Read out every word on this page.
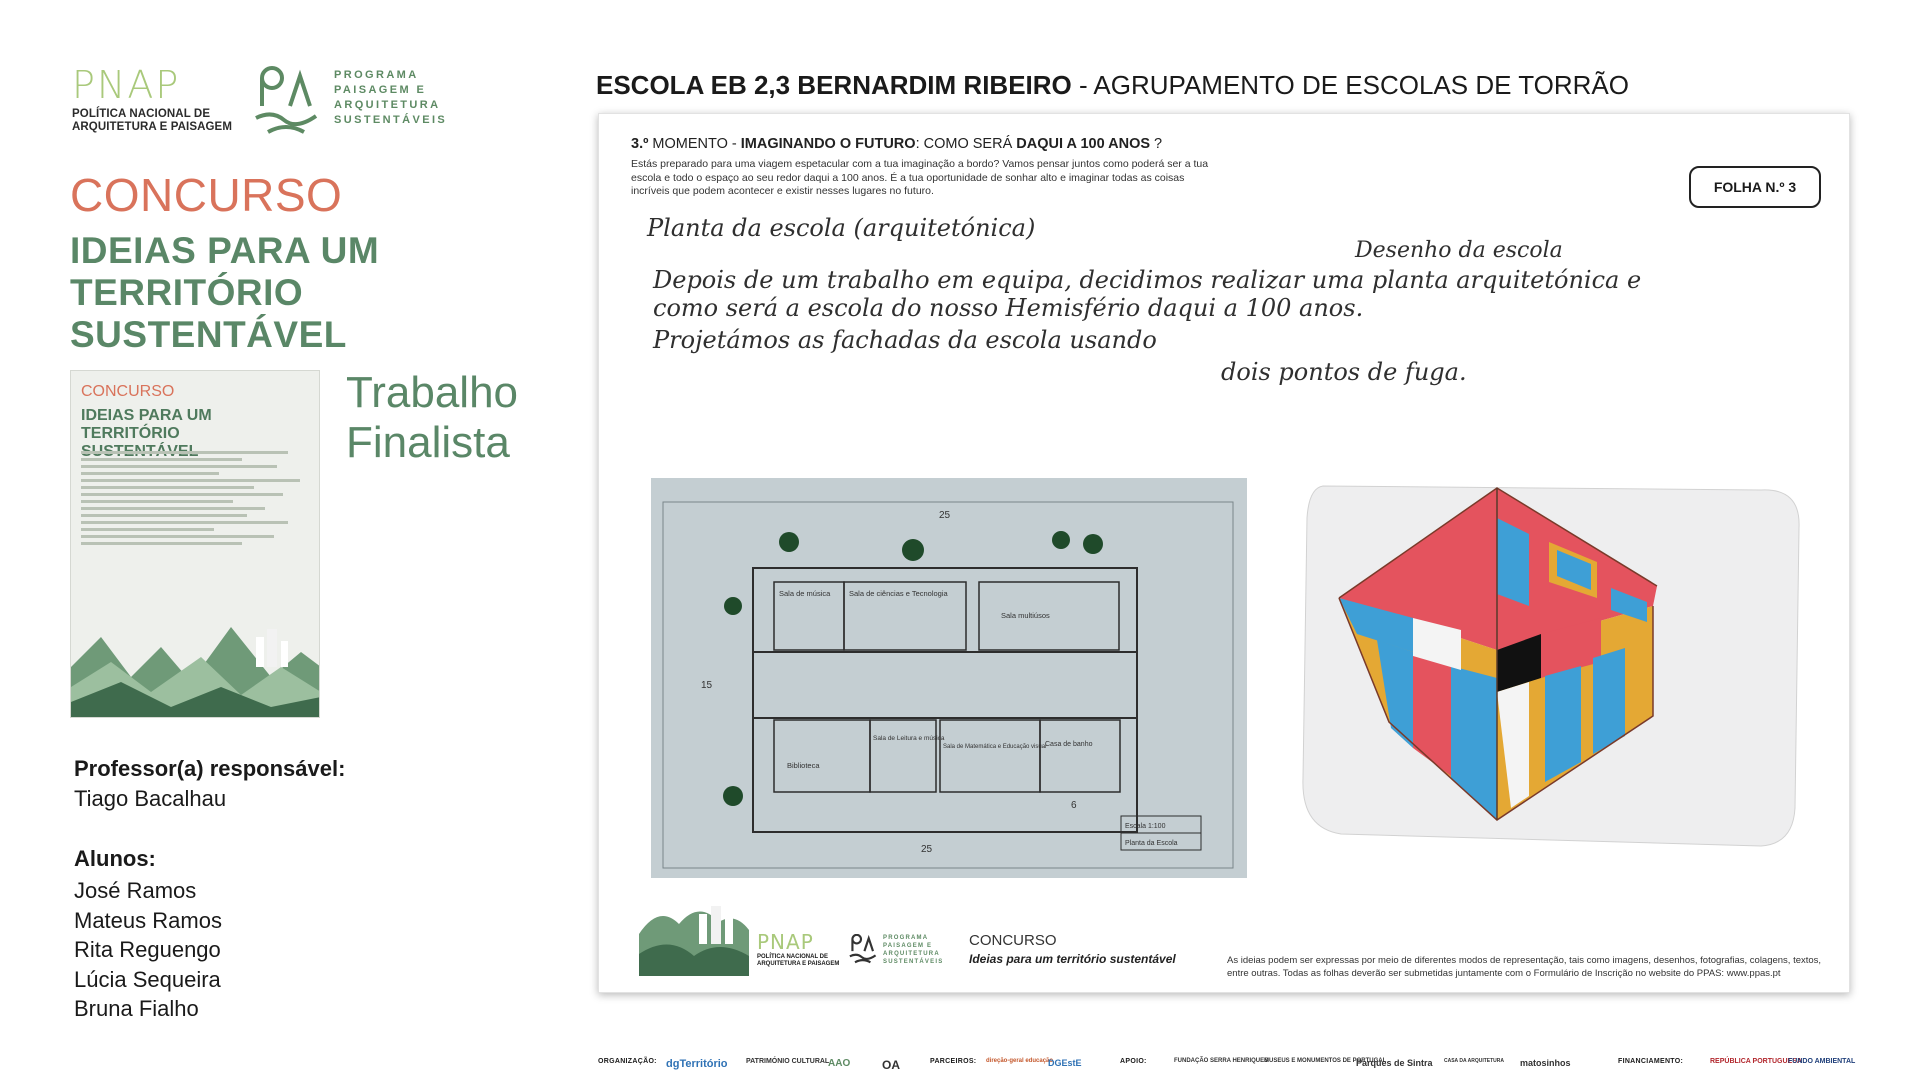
PNAP
POLÍTICA NACIONAL DE
ARQUITETURA E PAISAGEM
PROGRAMA
PAISAGEM E
ARQUITETURA
SUSTENTÁVEIS
CONCURSO
IDEIAS PARA UM
TERRITÓRIO
SUSTENTÁVEL
CONCURSO
IDEIAS PARA UM TERRITÓRIO
Trabalho
Finalista
Professor(a) responsável:
Tiago Bacalhau
Alunos:
José Ramos
Mateus Ramos
Rita Reguengo
Lúcia Sequeira
Bruna Fialho
ESCOLA EB 2,3 BERNARDIM RIBEIRO - AGRUPAMENTO DE ESCOLAS DE TORRÃO
3.º MOMENTO - IMAGINANDO O FUTURO: COMO SERÁ DAQUI A 100 ANOS ?
Estás preparado para uma viagem espetacular com a tua imaginação a bordo? Vamos pensar juntos como poderá ser a tua escola e todo o espaço ao seu redor daqui a 100 anos. É a tua oportunidade de sonhar alto e imaginar todas as coisas incríveis que podem acontecer e existir nesses lugares no futuro.	FOLHA N.º 3
Planta da escola (arquitetónica)
Desenho da escola
Depois de um trabalho em equipa, decidimos realizar uma planta arquitetónica e
como será a escola do nosso Hemisfério daqui a 100 anos.
Projetámos as fachadas da escola usando
dois pontos de fuga.
25
15
25
6
Sala de música Sala de ciências e Tecnologia
Sala multiúsos
Biblioteca
Sala de Leitura e música
Sala de Matemática e Educação visual
Casa de banho
Escala 1:100
Planta da Escola
PNAP
POLÍTICA NACIONAL DE
ARQUITETURA E PAISAGEM
PROGRAMA
PAISAGEM E
ARQUITETURA
SUSTENTÁVEIS
CONCURSO
Ideias para um território sustentável	As ideias podem ser expressas por meio de diferentes modos de representação, tais como imagens, desenhos, fotografias, colagens, textos, entre outras. Todas as folhas deverão ser submetidas juntamente com o Formulário de Inscrição no website do PPAS: www.ppas.pt
ORGANIZAÇÃO: dgTerritório	PATRIMÓNIO CULTURAL
AAO	OA	PARCEIROS: direção-geral educação
DGEstE	APOIO:	FUNDAÇÃO SERRA HENRIQUES
MUSEUS E MONUMENTOS DE PORTUGAL
Parques de Sintra CASA DA ARQUITETURA matosinhos	FINANCIAMENTO:	REPÚBLICA PORTUGUESA
FUNDO AMBIENTAL
